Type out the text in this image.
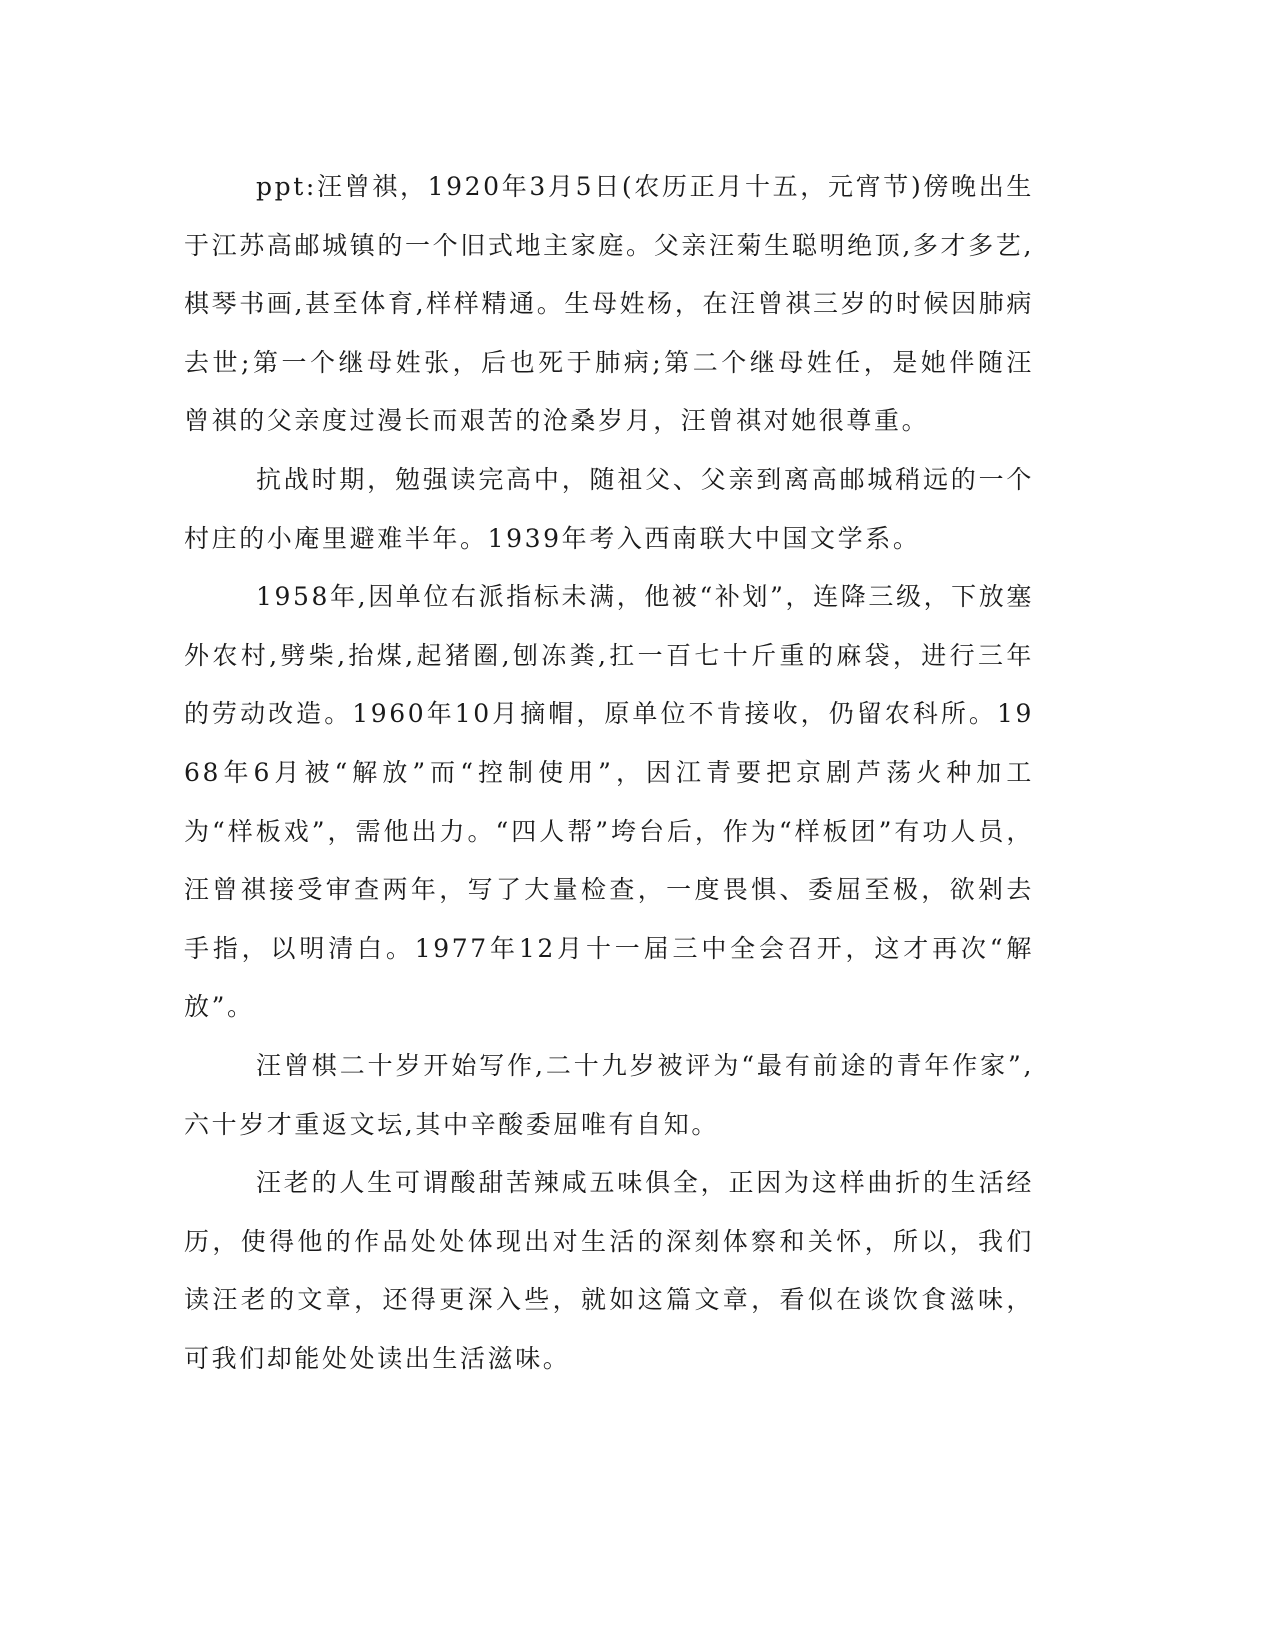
ppt:汪曾祺，1920年3月5日(农历正月十五，元宵节)傍晚出生于江苏高邮城镇的一个旧式地主家庭。父亲汪菊生聪明绝顶,多才多艺,棋琴书画,甚至体育,样样精通。生母姓杨，在汪曾祺三岁的时候因肺病去世;第一个继母姓张，后也死于肺病;第二个继母姓任，是她伴随汪曾祺的父亲度过漫长而艰苦的沧桑岁月，汪曾祺对她很尊重。

抗战时期，勉强读完高中，随祖父、父亲到离高邮城稍远的一个村庄的小庵里避难半年。1939年考入西南联大中国文学系。

1958年,因单位右派指标未满，他被“补划”，连降三级，下放塞外农村,劈柴,抬煤,起猪圈,刨冻粪,扛一百七十斤重的麻袋，进行三年的劳动改造。1960年10月摘帽，原单位不肯接收，仍留农科所。1968年6月被“解放”而“控制使用”，因江青要把京剧芦荡火种加工为“样板戏”，需他出力。“四人帮”垮台后，作为“样板团”有功人员，汪曾祺接受审查两年，写了大量检查，一度畏惧、委屈至极，欲剁去手指，以明清白。1977年12月十一届三中全会召开，这才再次“解放”。

汪曾棋二十岁开始写作,二十九岁被评为“最有前途的青年作家”,六十岁才重返文坛,其中辛酸委屈唯有自知。

汪老的人生可谓酸甜苦辣咸五味俱全，正因为这样曲折的生活经历，使得他的作品处处体现出对生活的深刻体察和关怀，所以，我们读汪老的文章，还得更深入些，就如这篇文章，看似在谈饮食滋味，可我们却能处处读出生活滋味。
